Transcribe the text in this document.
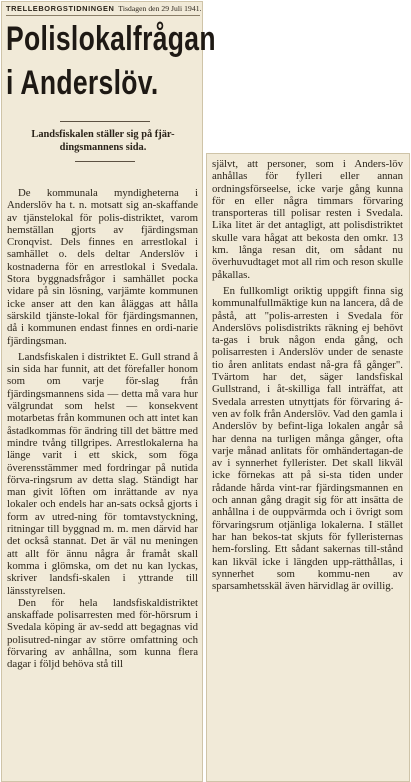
TRELLEBORGSTIDNINGEN Tisdagen den 29 Juli 1941.
Polislokalfrågan
i Anderslöv.
Landsfiskalen ställer sig på fjär-
dingsmannens sida.

De kommunala myndigheterna i Anderslöv ha t. n. motsatt sig an-skaffande av tjänstelokal för polis-distriktet, varom hemställan gjorts av fjärdingsman Cronqvist. Dels finnes en arrestlokal i samhället o. dels deltar Anderslöv i kostnaderna för en arrestlokal i Svedala. Stora byggnadsfrågor i samhället pocka vidare på sin lösning, varjämte kommunen icke anser att den kan åläggas att hålla särskild tjänste-lokal för fjärdingsmannen, då i kommunen endast finnes en ordi-narie fjärdingsman.

Landsfiskalen i distriktet E. Gull strand å sin sida har funnit, att det förefaller honom som om varje för-slag från fjärdingsmannens sida — detta må vara hur välgrundat som helst — konsekvent motarbetas från kommunen och att intet kan åstadkommas för ändring till det bättre med mindre tvång tillgripes. Arrestlokalerna ha länge varit i ett skick, som föga överensstämmer med fordringar på nutida förva-ringsrum av detta slag. Ständigt har man givit löften om inrättande av nya lokaler och endels har an-sats också gjorts i form av utred-ning för tomtavstyckning, ritningar till byggnad m. m. men därvid har det också stannat. Det är väl nu meningen att allt för ännu några år framåt skall komma i glömska, om det nu kan lyckas, skriver landsfi-skalen i yttrande till länsstyrelsen.

Den för hela landsfiskaldistriktet anskaffade polisarresten med för-hörsrum i Svedala köping är av-sedd att begagnas vid polisutred-ningar av större omfattning och förvaring av anhållna, som kunna flera dagar i följd behöva stå till

självt, att personer, som i Anders-löv anhållas för fylleri eller annan ordningsförseelse, icke varje gång kunna för en eller några timmars förvaring transporteras till polisar resten i Svedala. Lika litet är det antagligt, att polisdistriktet skulle vara hågat att bekosta den omkr. 13 km. långa resan dit, om sådant nu överhuvudtaget mot all rim och reson skulle påkallas.

En fullkomligt oriktig uppgift finna sig kommunalfullmäktige kun na lancera, då de påstå, att "polis-arresten i Svedala för Anderslövs polisdistrikts räkning ej behövt ta-gas i bruk någon enda gång, och polisarresten i Anderslöv under de senaste tio åren anlitats endast nå-gra få gånger". Tvärtom har det, säger landsfiskal Gullstrand, i åt-skilliga fall inträffat, att Svedala arresten utnyttjats för förvaring á-ven av folk från Anderslöv. Vad den gamla i Anderslöv by befint-liga lokalen angår så har denna na turligen många gånger, ofta varje månad anlitats för omhändertagan-de av i synnerhet fyllerister. Det skall likväl icke förnekas att på si-sta tiden under rådande hårda vint-rar fjärdingsmannen en och annan gång dragit sig för att insätta de anhållna i de ouppvärmda och i övrigt som förvaringsrum otjänliga lokalerna. I stället har han bekos-tat skjuts för fylleristernas hem-forsling. Ett sådant sakernas till-stånd kan likväl icke i längden upp-rätthållas, i synnerhet som kommu-nen av sparsamhetsskäl även härvidlag är ovillig.
